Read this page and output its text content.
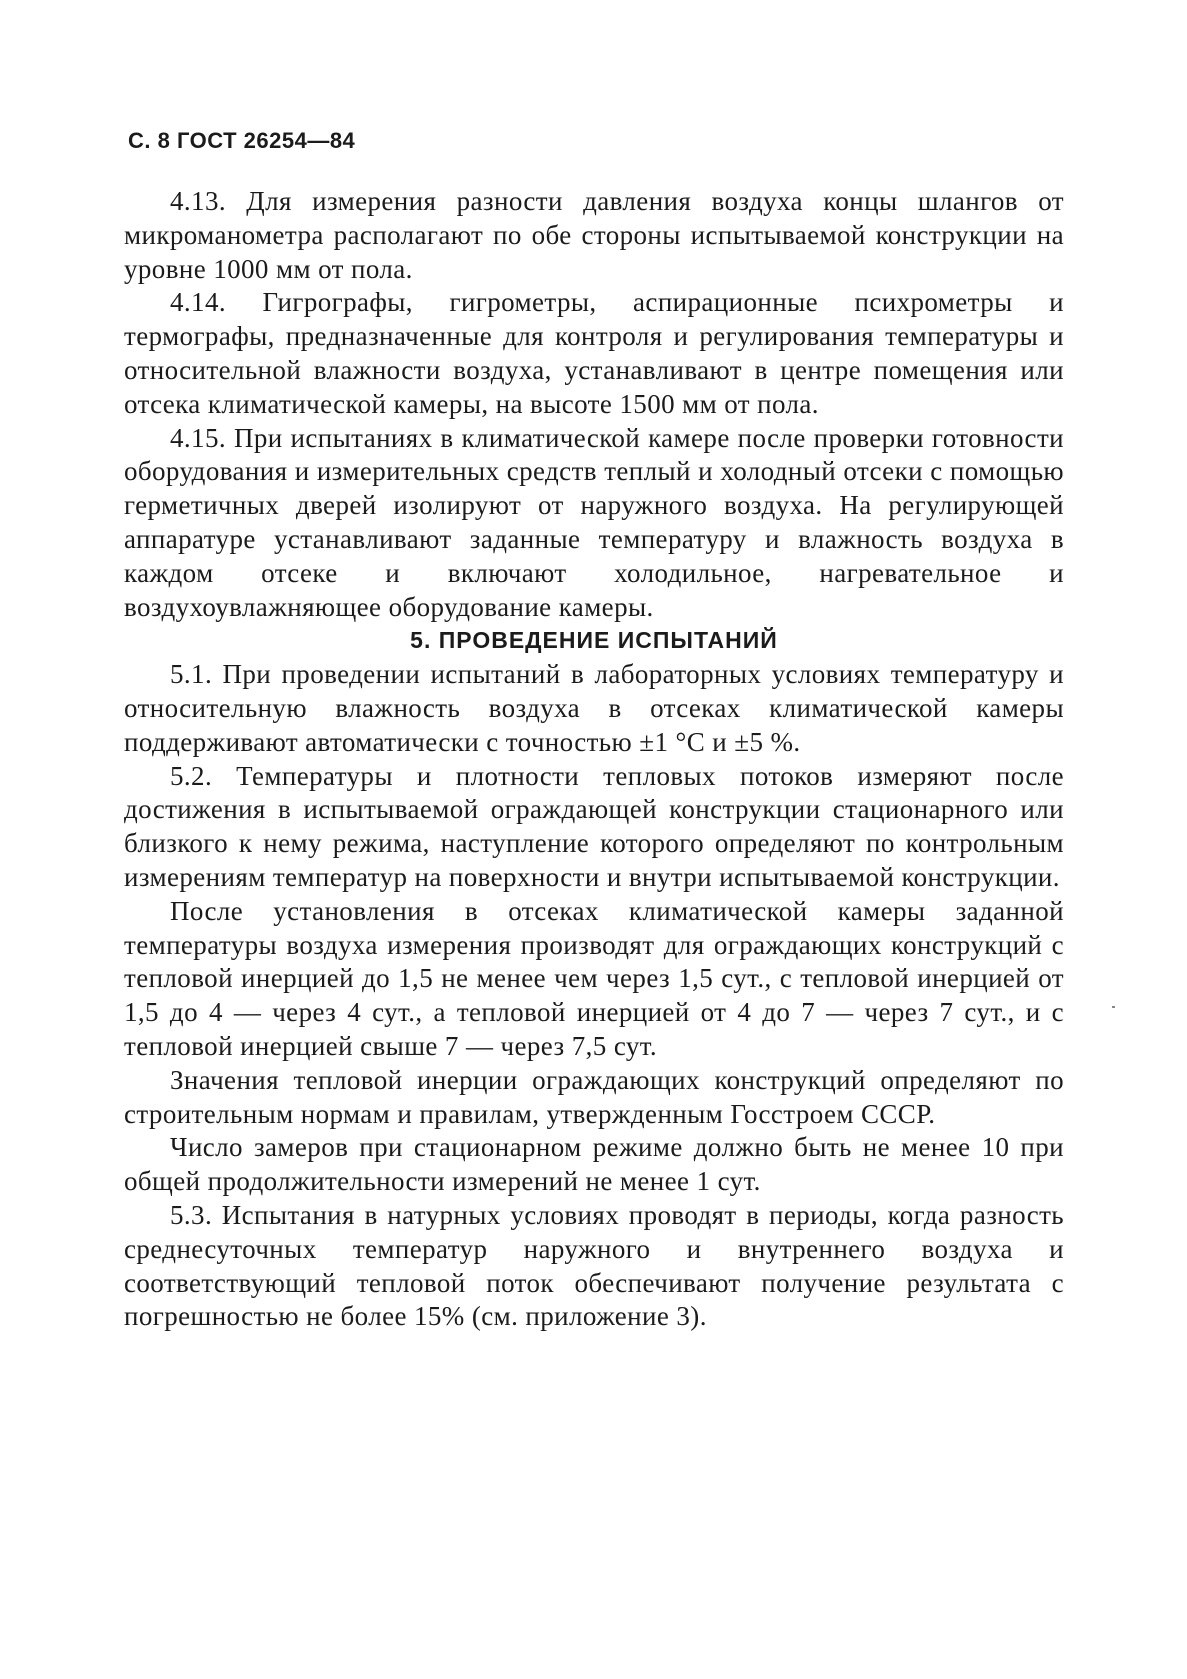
С. 8 ГОСТ 26254—84

4.13. Для измерения разности давления воздуха концы шлангов от микроманометра располагают по обе стороны испытываемой конструкции на уровне 1000 мм от пола.

4.14. Гигрографы, гигрометры, аспирационные психрометры и термографы, предназначенные для контроля и регулирования температуры и относительной влажности воздуха, устанавливают в центре помещения или отсека климатической камеры, на высоте 1500 мм от пола.

4.15. При испытаниях в климатической камере после проверки готовности оборудования и измерительных средств теплый и холодный отсеки с помощью герметичных дверей изолируют от наружного воздуха. На регулирующей аппаратуре устанавливают заданные температуру и влажность воздуха в каждом отсеке и включают холодильное, нагревательное и воздухоувлажняющее оборудование камеры.

5. ПРОВЕДЕНИЕ ИСПЫТАНИЙ

5.1. При проведении испытаний в лабораторных условиях температуру и относительную влажность воздуха в отсеках климатической камеры поддерживают автоматически с точностью ±1 °С и ±5 %.

5.2. Температуры и плотности тепловых потоков измеряют после достижения в испытываемой ограждающей конструкции стационарного или близкого к нему режима, наступление которого определяют по контрольным измерениям температур на поверхности и внутри испытываемой конструкции.

После установления в отсеках климатической камеры заданной температуры воздуха измерения производят для ограждающих конструкций с тепловой инерцией до 1,5 не менее чем через 1,5 сут., с тепловой инерцией от 1,5 до 4 — через 4 сут., а тепловой инерцией от 4 до 7 — через 7 сут., и с тепловой инерцией свыше 7 — через 7,5 сут.

Значения тепловой инерции ограждающих конструкций определяют по строительным нормам и правилам, утвержденным Госстроем СССР.

Число замеров при стационарном режиме должно быть не менее 10 при общей продолжительности измерений не менее 1 сут.

5.3. Испытания в натурных условиях проводят в периоды, когда разность среднесуточных температур наружного и внутреннего воздуха и соответствующий тепловой поток обеспечивают получение результата с погрешностью не более 15% (см. приложение 3).
